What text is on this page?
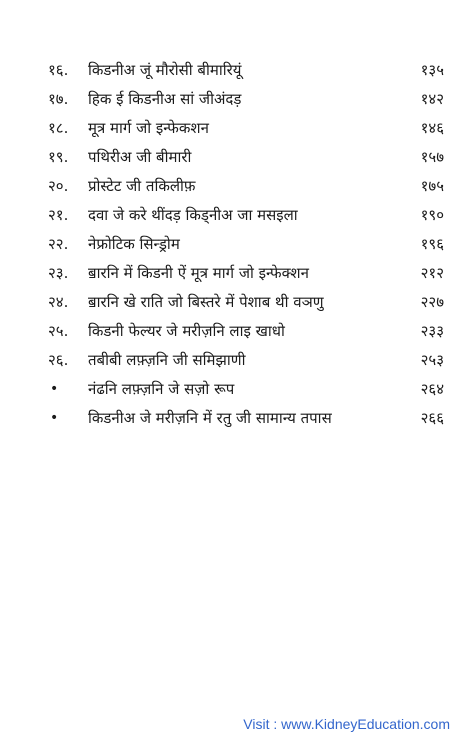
१६. किडनीअ जूं मौरोसी बीमारियूं	१३५
१७. हिक ई किडनीअ सां जीअंदड़	१४२
१८. मूत्र मार्ग जो इन्फेकशन	१४६
१९. पथिरीअ जी बीमारी	१५७
२०. प्रोस्टेट जी तकिलीफ़	१७५
२१. दवा जे करे थींदड़ किड्नीअ जा मसइला	१९०
२२. नेफ्रोटिक सिन्ड्रोम	१९६
२३. ॿारनि में किडनी ऐं मूत्र मार्ग जो इन्फेक्शन	२१२
२४. ॿारनि खे राति जो बिस्तरे में पेशाब थी वञणु	२२७
२५. किडनी फेल्यर जे मरीज़नि लाइ खाधो	२३३
२६. तबीबी लफ़्ज़नि जी समिझाणी	२५३
• नंढनि लफ़्ज़नि जे सज़ो रूप	२६४
• किडनीअ जे मरीज़नि में रतु जी सामान्य तपास	२६६
Visit : www.KidneyEducation.com
